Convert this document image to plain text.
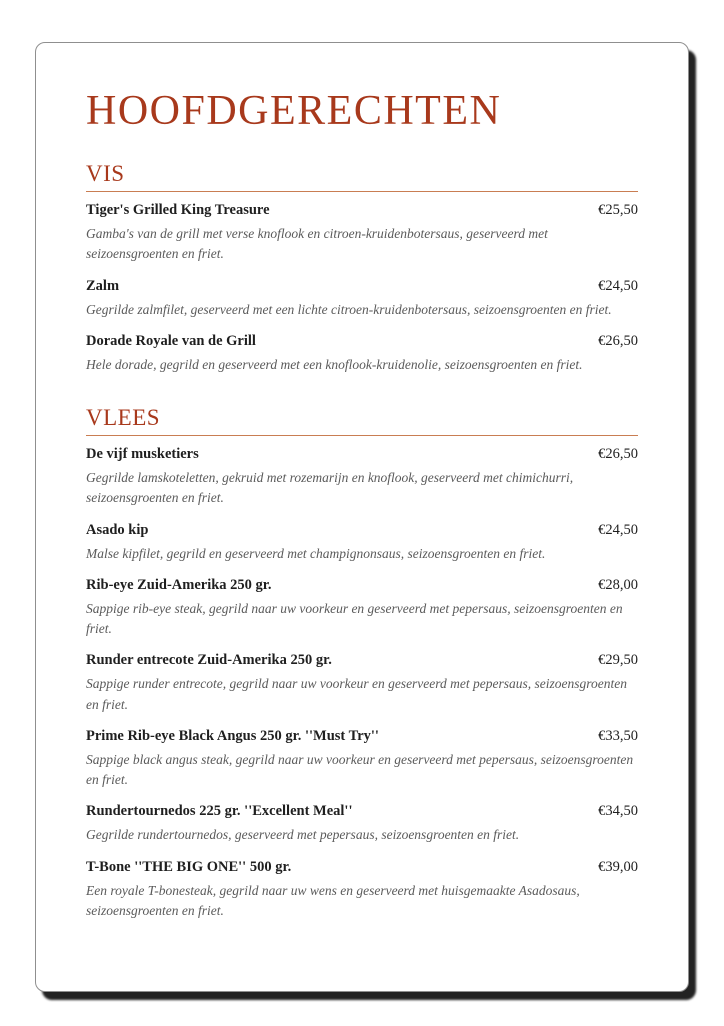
HOOFDGERECHTEN
VIS
Tiger's Grilled King Treasure	€25,50

Gamba's van de grill met verse knoflook en citroen-kruidenbotersaus, geserveerd met seizoensgroenten en friet.

Zalm	€24,50

Gegrilde zalmfilet, geserveerd met een lichte citroen-kruidenbotersaus, seizoensgroenten en friet.

Dorade Royale van de Grill	€26,50

Hele dorade, gegrild en geserveerd met een knoflook-kruidenolie, seizoensgroenten en friet.

VLEES
De vijf musketiers	€26,50

Gegrilde lamskoteletten, gekruid met rozemarijn en knoflook, geserveerd met chimichurri, seizoensgroenten en friet.

Asado kip	€24,50

Malse kipfilet, gegrild en geserveerd met champignonsaus, seizoensgroenten en friet.

Rib-eye Zuid-Amerika 250 gr.	€28,00

Sappige rib-eye steak, gegrild naar uw voorkeur en geserveerd met pepersaus, seizoensgroenten en friet.

Runder entrecote Zuid-Amerika 250 gr.	€29,50

Sappige runder entrecote, gegrild naar uw voorkeur en geserveerd met pepersaus, seizoensgroenten en friet.

Prime Rib-eye Black Angus 250 gr. ''Must Try''	€33,50

Sappige black angus steak, gegrild naar uw voorkeur en geserveerd met pepersaus, seizoensgroenten en friet.

Rundertournedos 225 gr. ''Excellent Meal''	€34,50

Gegrilde rundertournedos, geserveerd met pepersaus, seizoensgroenten en friet.

T-Bone ''THE BIG ONE'' 500 gr.	€39,00

Een royale T-bonesteak, gegrild naar uw wens en geserveerd met huisgemaakte Asadosaus, seizoensgroenten en friet.
